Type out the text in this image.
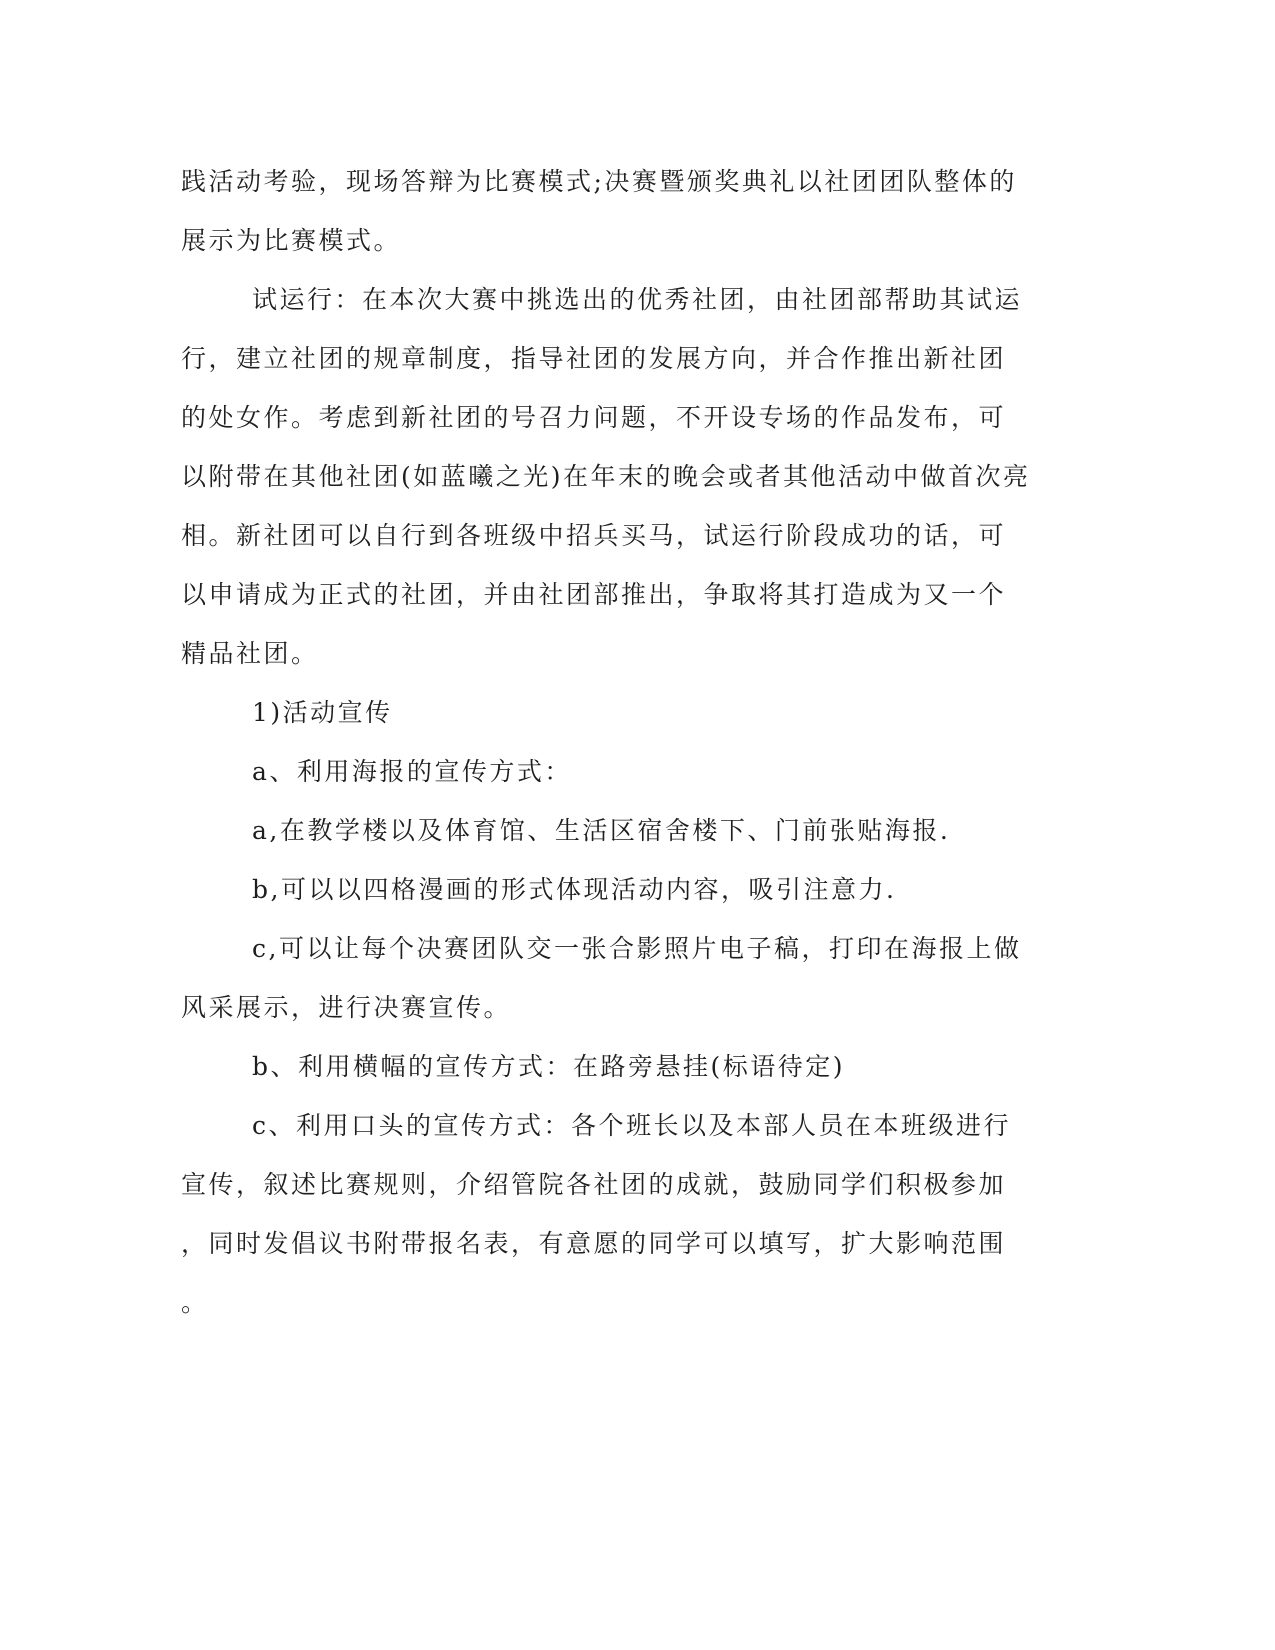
践活动考验，现场答辩为比赛模式;决赛暨颁奖典礼以社团团队整体的
展示为比赛模式。
试运行：在本次大赛中挑选出的优秀社团，由社团部帮助其试运
行，建立社团的规章制度，指导社团的发展方向，并合作推出新社团
的处女作。考虑到新社团的号召力问题，不开设专场的作品发布，可
以附带在其他社团(如蓝曦之光)在年末的晚会或者其他活动中做首次亮
相。新社团可以自行到各班级中招兵买马，试运行阶段成功的话，可
以申请成为正式的社团，并由社团部推出，争取将其打造成为又一个
精品社团。
1)活动宣传
a、利用海报的宣传方式：
a,在教学楼以及体育馆、生活区宿舍楼下、门前张贴海报.
b,可以以四格漫画的形式体现活动内容，吸引注意力.
c,可以让每个决赛团队交一张合影照片电子稿，打印在海报上做
风采展示，进行决赛宣传。
b、利用横幅的宣传方式：在路旁悬挂(标语待定)
c、利用口头的宣传方式：各个班长以及本部人员在本班级进行
宣传，叙述比赛规则，介绍管院各社团的成就，鼓励同学们积极参加
，同时发倡议书附带报名表，有意愿的同学可以填写，扩大影响范围
。
